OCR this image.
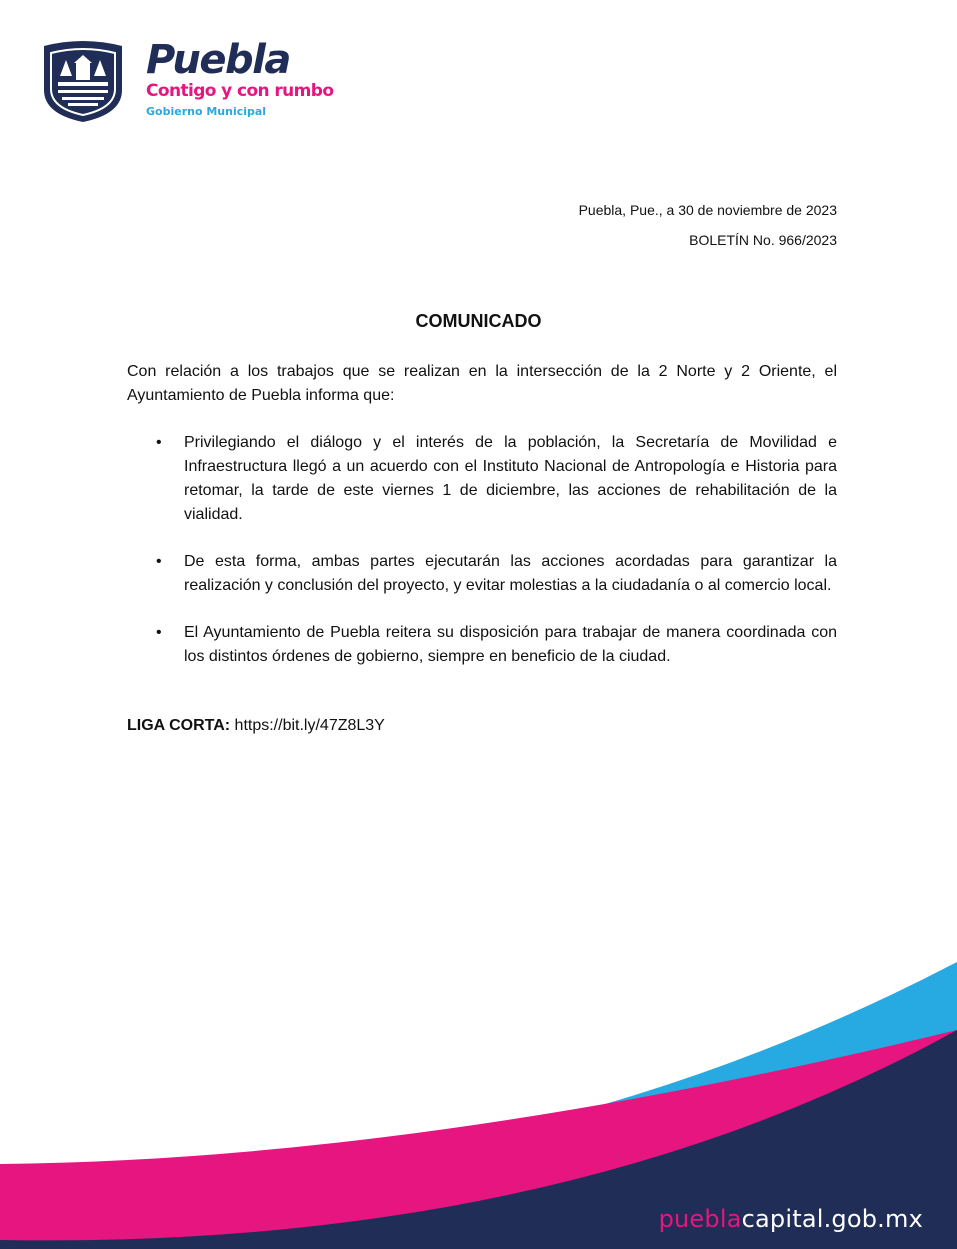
Puebla
Contigo y con rumbo
Gobierno Municipal
Puebla, Pue., a 30 de noviembre de 2023
BOLETÍN No. 966/2023
COMUNICADO
Con relación a los trabajos que se realizan en la intersección de la 2 Norte y 2 Oriente, el Ayuntamiento de Puebla informa que:
• Privilegiando el diálogo y el interés de la población, la Secretaría de Movilidad e Infraestructura llegó a un acuerdo con el Instituto Nacional de Antropología e Historia para retomar, la tarde de este viernes 1 de diciembre, las acciones de rehabilitación de la vialidad.
• De esta forma, ambas partes ejecutarán las acciones acordadas para garantizar la realización y conclusión del proyecto, y evitar molestias a la ciudadanía o al comercio local.
• El Ayuntamiento de Puebla reitera su disposición para trabajar de manera coordinada con los distintos órdenes de gobierno, siempre en beneficio de la ciudad.
LIGA CORTA: https://bit.ly/47Z8L3Y
pueblacapital.gob.mx
